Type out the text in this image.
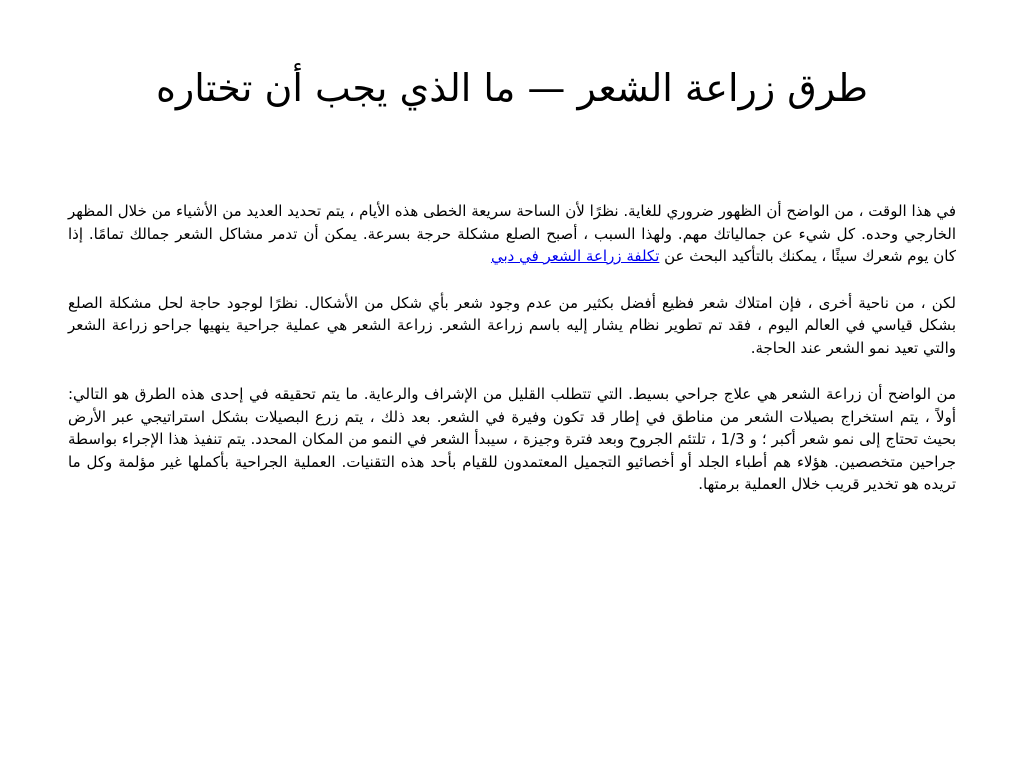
طرق زراعة الشعر — ما الذي يجب أن تختاره

في هذا الوقت ، من الواضح أن الظهور ضروري للغاية. نظرًا لأن الساحة سريعة الخطى هذه الأيام ، يتم تحديد العديد من الأشياء من خلال المظهر الخارجي وحده. كل شيء عن جمالياتك مهم. ولهذا السبب ، أصبح الصلع مشكلة حرجة بسرعة. يمكن أن تدمر مشاكل الشعر جمالك تمامًا. إذا كان يوم شعرك سيئًا ، يمكنك بالتأكيد البحث عن تكلفة زراعة الشعر في دبي

لكن ، من ناحية أخرى ، فإن امتلاك شعر فظيع أفضل بكثير من عدم وجود شعر بأي شكل من الأشكال. نظرًا لوجود حاجة لحل مشكلة الصلع بشكل قياسي في العالم اليوم ، فقد تم تطوير نظام يشار إليه باسم زراعة الشعر. زراعة الشعر هي عملية جراحية ينهيها جراحو زراعة الشعر والتي تعيد نمو الشعر عند الحاجة.

من الواضح أن زراعة الشعر هي علاج جراحي بسيط. التي تتطلب القليل من الإشراف والرعاية. ما يتم تحقيقه في إحدى هذه الطرق هو التالي: أولاً ، يتم استخراج بصيلات الشعر من مناطق في إطار قد تكون وفيرة في الشعر. بعد ذلك ، يتم زرع البصيلات بشكل استراتيجي عبر الأرض بحيث تحتاج إلى نمو شعر أكبر ؛ و 1/3 ، تلتئم الجروح وبعد فترة وجيزة ، سيبدأ الشعر في النمو من المكان المحدد. يتم تنفيذ هذا الإجراء بواسطة جراحين متخصصين. هؤلاء هم أطباء الجلد أو أخصائيو التجميل المعتمدون للقيام بأحد هذه التقنيات. العملية الجراحية بأكملها غير مؤلمة وكل ما تريده هو تخدير قريب خلال العملية برمتها.
